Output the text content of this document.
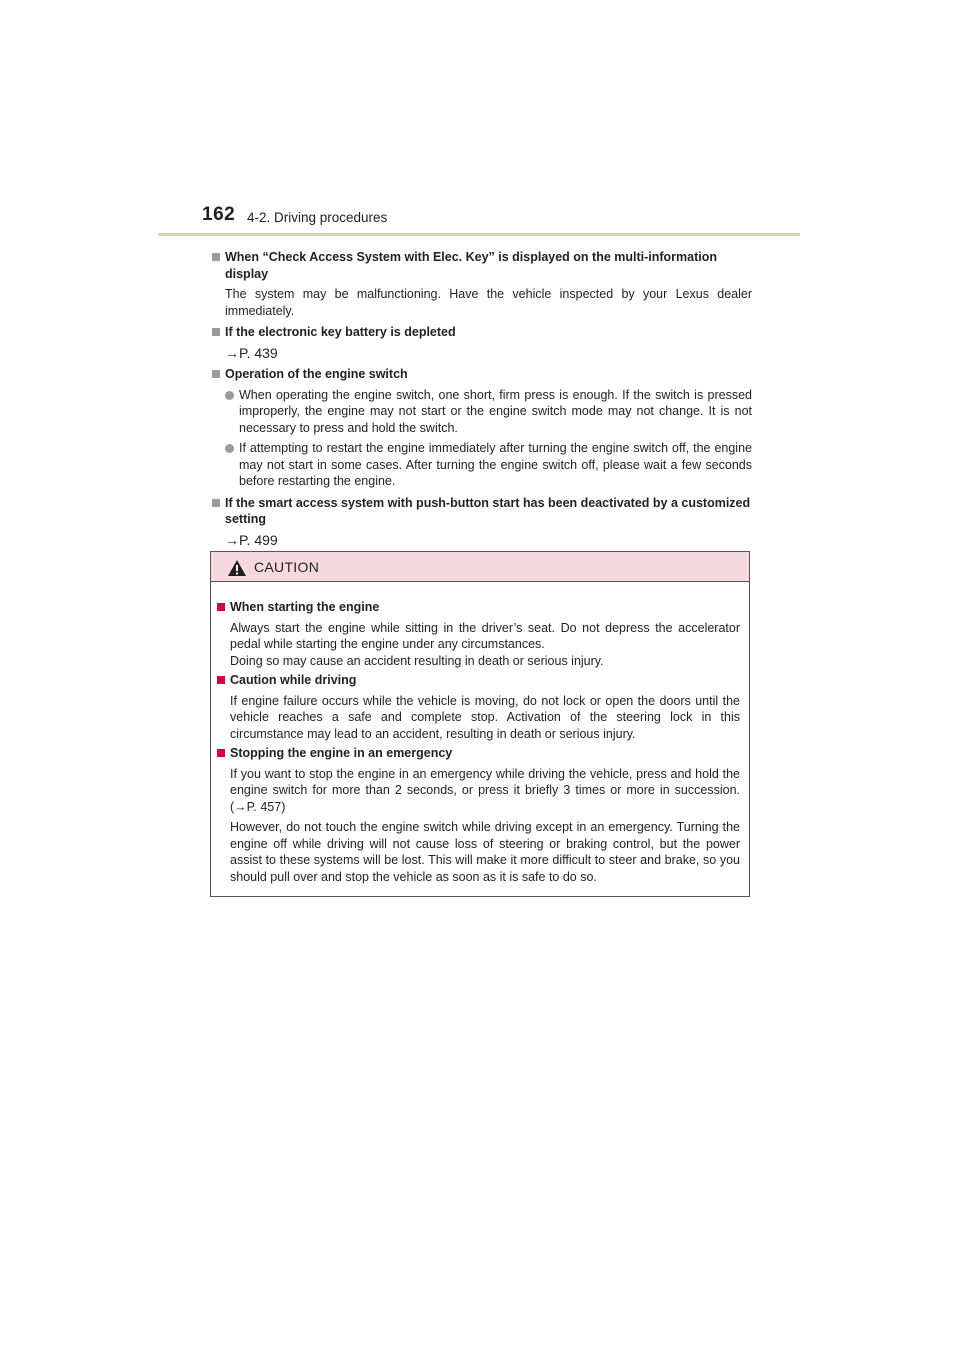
162 4-2. Driving procedures
When “Check Access System with Elec. Key” is displayed on the multi-information display
The system may be malfunctioning. Have the vehicle inspected by your Lexus dealer immediately.
If the electronic key battery is depleted
→P. 439
Operation of the engine switch
When operating the engine switch, one short, firm press is enough. If the switch is pressed improperly, the engine may not start or the engine switch mode may not change. It is not necessary to press and hold the switch.
If attempting to restart the engine immediately after turning the engine switch off, the engine may not start in some cases. After turning the engine switch off, please wait a few seconds before restarting the engine.
If the smart access system with push-button start has been deactivated by a customized setting
→P. 499
CAUTION
When starting the engine
Always start the engine while sitting in the driver’s seat. Do not depress the accelerator pedal while starting the engine under any circumstances.
Doing so may cause an accident resulting in death or serious injury.
Caution while driving
If engine failure occurs while the vehicle is moving, do not lock or open the doors until the vehicle reaches a safe and complete stop. Activation of the steering lock in this circumstance may lead to an accident, resulting in death or serious injury.
Stopping the engine in an emergency
If you want to stop the engine in an emergency while driving the vehicle, press and hold the engine switch for more than 2 seconds, or press it briefly 3 times or more in succession. (→P. 457)
However, do not touch the engine switch while driving except in an emergency. Turning the engine off while driving will not cause loss of steering or braking control, but the power assist to these systems will be lost. This will make it more difficult to steer and brake, so you should pull over and stop the vehicle as soon as it is safe to do so.
